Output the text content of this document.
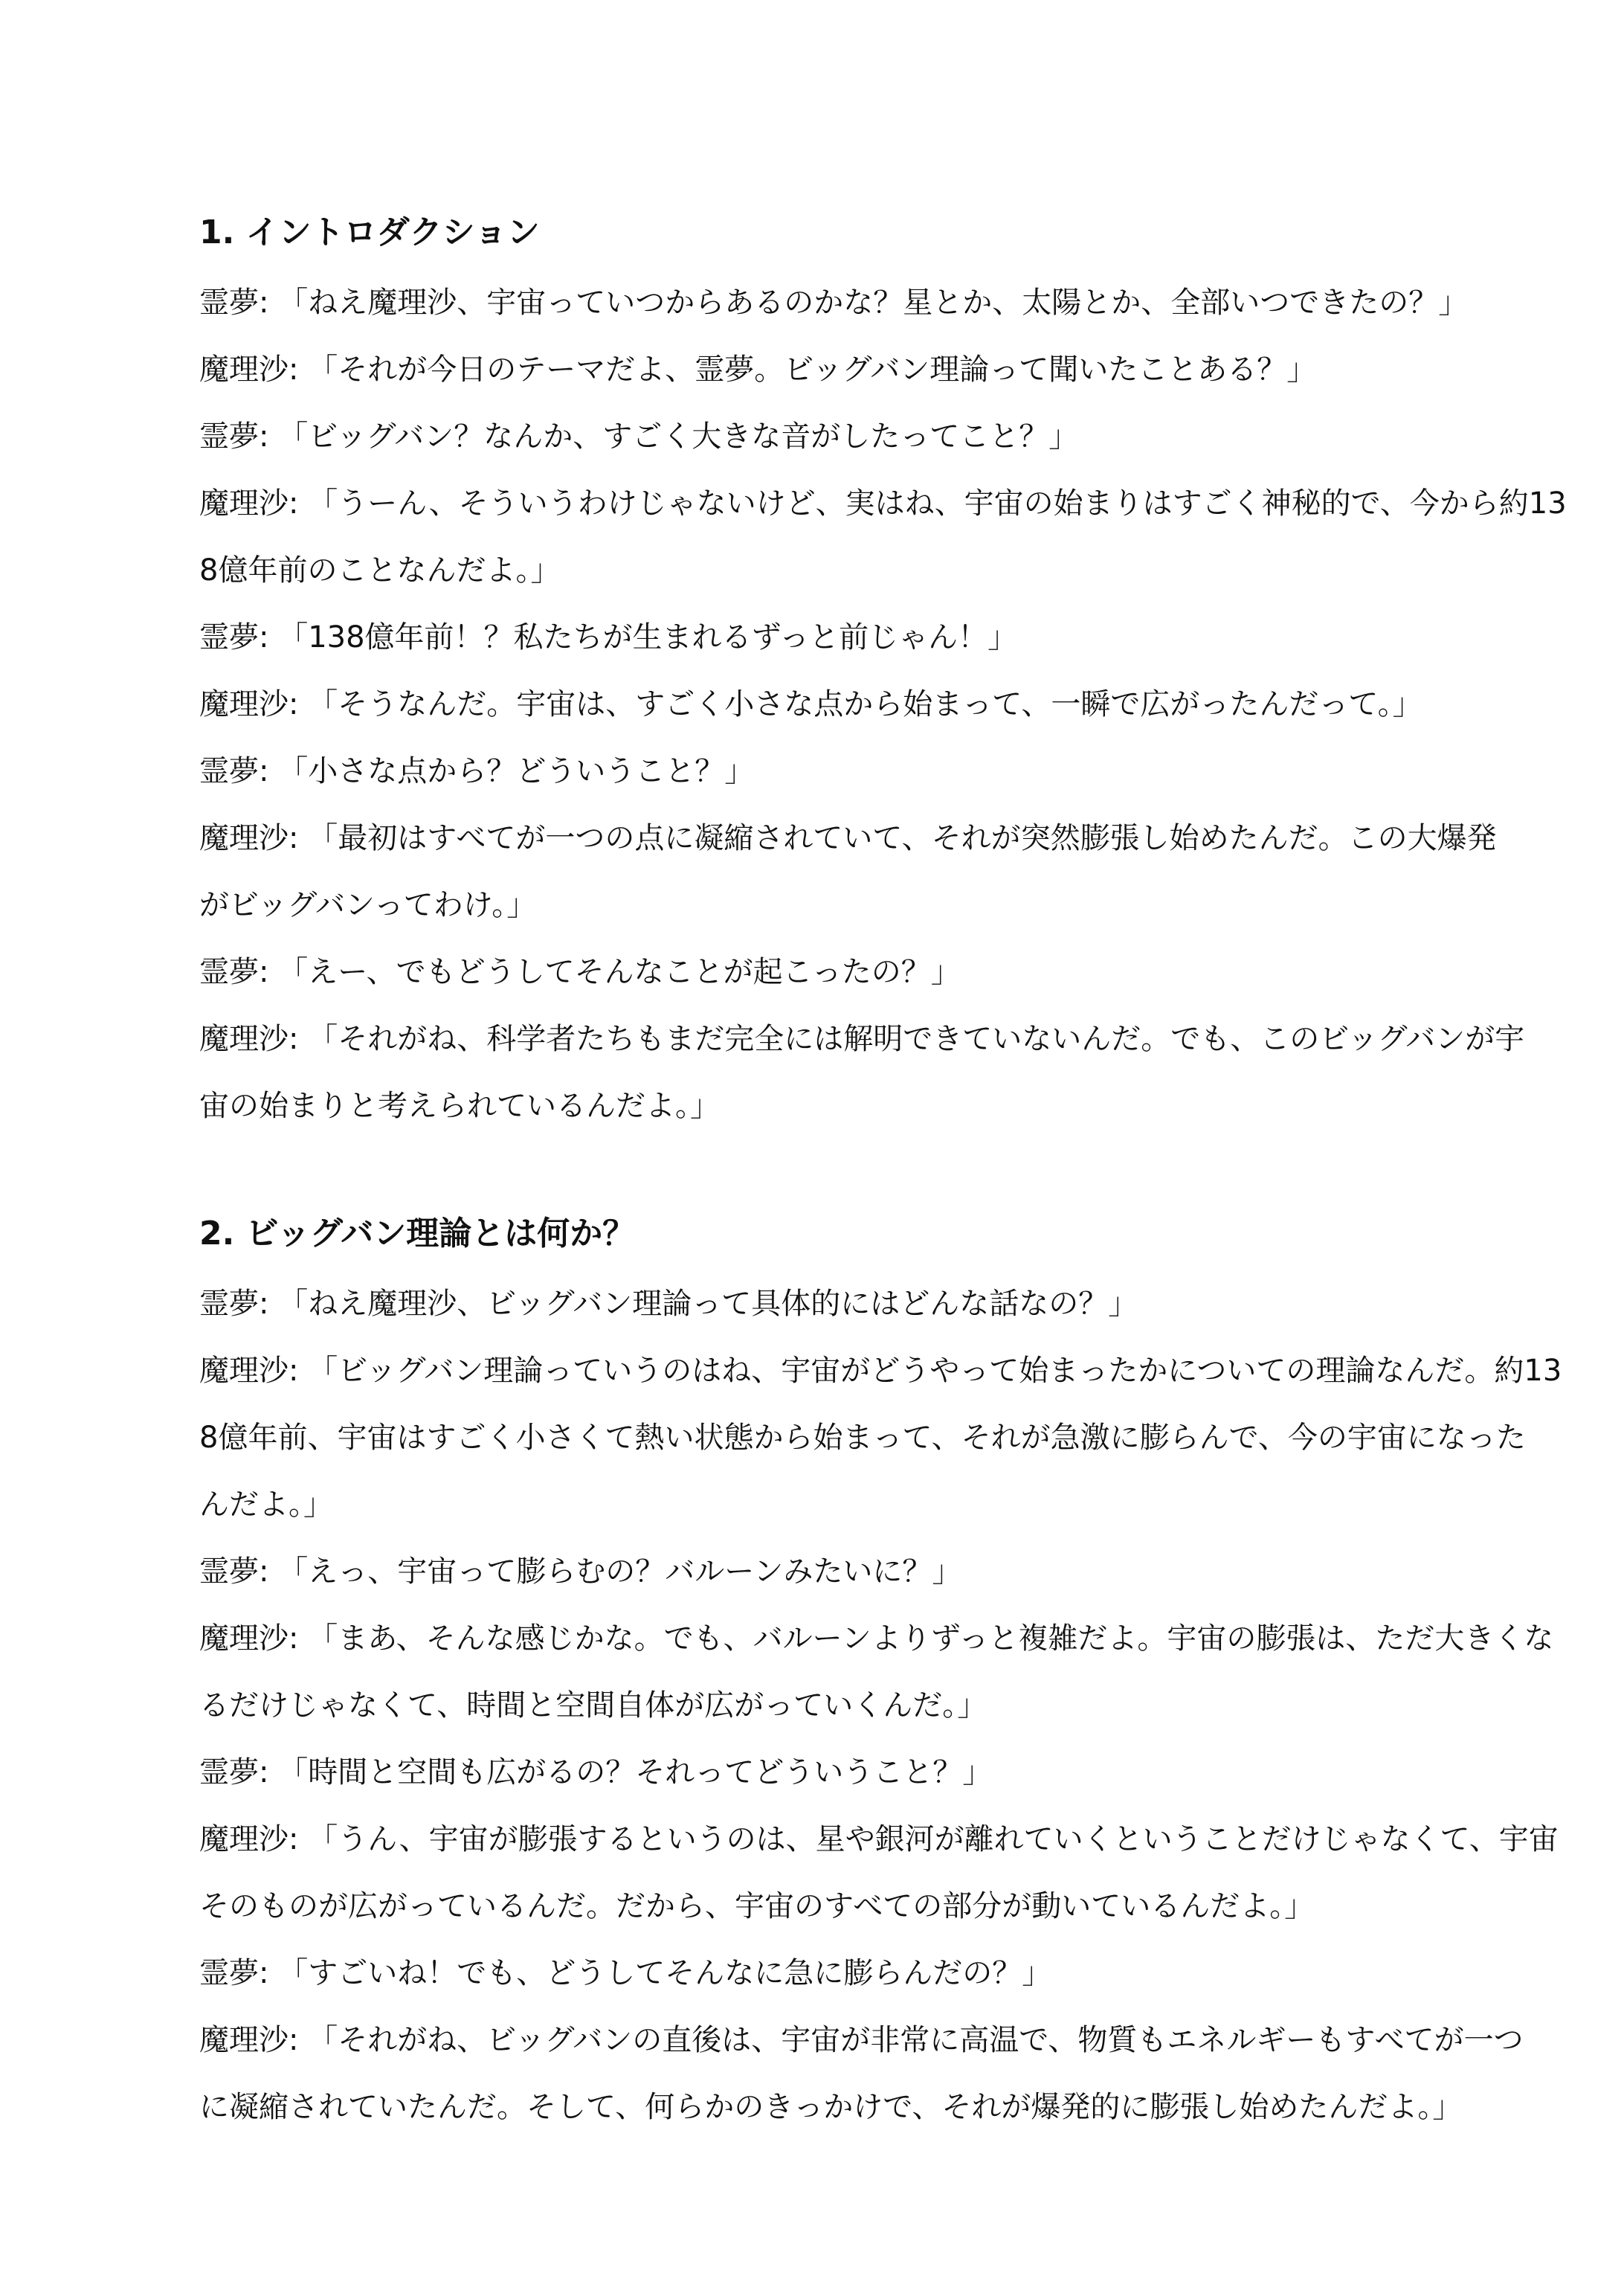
1. イントロダクション

霊夢: 「ねえ魔理沙、宇宙っていつからあるのかな？星とか、太陽とか、全部いつできたの？」

魔理沙: 「それが今日のテーマだよ、霊夢。ビッグバン理論って聞いたことある？」

霊夢: 「ビッグバン？なんか、すごく大きな音がしたってこと？」

魔理沙: 「うーん、そういうわけじゃないけど、実はね、宇宙の始まりはすごく神秘的で、今から約13

8億年前のことなんだよ。」

霊夢: 「138億年前！？私たちが生まれるずっと前じゃん！」

魔理沙: 「そうなんだ。宇宙は、すごく小さな点から始まって、一瞬で広がったんだって。」

霊夢: 「小さな点から？どういうこと？」

魔理沙: 「最初はすべてが一つの点に凝縮されていて、それが突然膨張し始めたんだ。この大爆発

がビッグバンってわけ。」

霊夢: 「えー、でもどうしてそんなことが起こったの？」

魔理沙: 「それがね、科学者たちもまだ完全には解明できていないんだ。でも、このビッグバンが宇

宙の始まりと考えられているんだよ。」

2. ビッグバン理論とは何か？

霊夢: 「ねえ魔理沙、ビッグバン理論って具体的にはどんな話なの？」

魔理沙: 「ビッグバン理論っていうのはね、宇宙がどうやって始まったかについての理論なんだ。約13

8億年前、宇宙はすごく小さくて熱い状態から始まって、それが急激に膨らんで、今の宇宙になった

んだよ。」

霊夢: 「えっ、宇宙って膨らむの？バルーンみたいに？」

魔理沙: 「まあ、そんな感じかな。でも、バルーンよりずっと複雑だよ。宇宙の膨張は、ただ大きくな

るだけじゃなくて、時間と空間自体が広がっていくんだ。」

霊夢: 「時間と空間も広がるの？それってどういうこと？」

魔理沙: 「うん、宇宙が膨張するというのは、星や銀河が離れていくということだけじゃなくて、宇宙

そのものが広がっているんだ。だから、宇宙のすべての部分が動いているんだよ。」

霊夢: 「すごいね！でも、どうしてそんなに急に膨らんだの？」

魔理沙: 「それがね、ビッグバンの直後は、宇宙が非常に高温で、物質もエネルギーもすべてが一つ

に凝縮されていたんだ。そして、何らかのきっかけで、それが爆発的に膨張し始めたんだよ。」
